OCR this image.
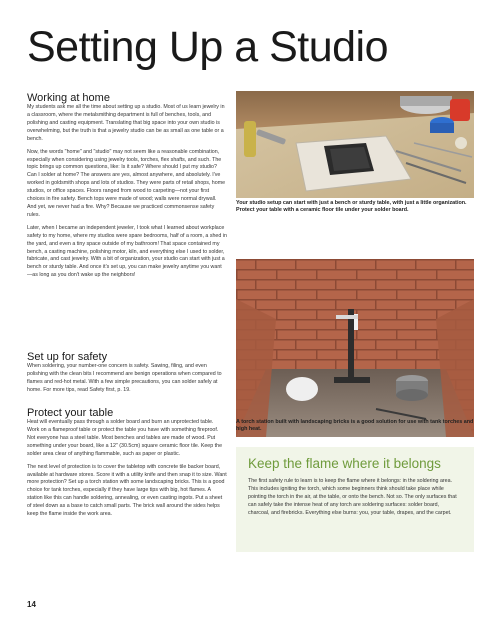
Setting Up a Studio
Working at home

My students ask me all the time about setting up a studio. Most of us learn jewelry in a classroom, where the metalsmithing department is full of benches, tools, and polishing and casting equipment. Translating that big space into your own studio is overwhelming, but the truth is that a jewelry studio can be as small as one table or a bench.

Now, the words "home" and "studio" may not seem like a reasonable combination, especially when considering using jewelry tools, torches, flex shafts, and such. The topic brings up common questions, like: Is it safe? Where should I put my studio? Can I solder at home? The answers are yes, almost anywhere, and absolutely. I've worked in goldsmith shops and lots of studios. They were parts of retail shops, home studios, or office spaces. Floors ranged from wood to carpeting—not your first choices in fire safety. Bench tops were made of wood; walls were normal drywall. And yet, we never had a fire. Why? Because we practiced commonsense safety rules.

Later, when I became an independent jeweler, I took what I learned about workplace safety to my home, where my studios were spare bedrooms, half of a room, a shed in the yard, and even a tiny space outside of my bathroom! That space contained my bench, a casting machine, polishing motor, kiln, and everything else I used to solder, fabricate, and cast jewelry. With a bit of organization, your studio can start with just a bench or sturdy table. And once it's set up, you can make jewelry anytime you want—as long as you don't wake up the neighbors!

Set up for safety

When soldering, your number-one concern is safety. Sawing, filing, and even polishing with the clean bits I recommend are benign operations when compared to flames and red-hot metal. With a few simple precautions, you can solder safely at home. For more tips, read Safety first, p. 19.

Protect your table

Heat will eventually pass through a solder board and burn an unprotected table. Work on a flameproof table or protect the table you have with something fireproof. Not everyone has a steel table. Most benches and tables are made of wood. Put something under your board, like a 12" (30.5cm) square ceramic floor tile. Keep the solder area clear of anything flammable, such as paper or plastic.

The next level of protection is to cover the tabletop with concrete tile backer board, available at hardware stores. Score it with a utility knife and then snap it to size. Want more protection? Set up a torch station with some landscaping bricks. This is a good choice for tank torches, especially if they have large tips with big, hot flames. A station like this can handle soldering, annealing, or even casting ingots. Put a sheet of steel down as a base to catch small parts. The brick wall around the sides helps keep the flame inside the work area.

Your studio setup can start with just a bench or sturdy table, with just a little organization. Protect your table with a ceramic floor tile under your solder board.
A torch station built with landscaping bricks is a good solution for use with tank torches and high heat.
Keep the flame where it belongs
The first safety rule to learn is to keep the flame where it belongs: in the soldering area. This includes igniting the torch, which some beginners think should take place while pointing the torch in the air, at the table, or onto the bench. Not so. The only surfaces that can safely take the intense heat of any torch are soldering surfaces: solder board, charcoal, and firebricks. Everything else burns: you, your table, drapes, and the carpet.
14
